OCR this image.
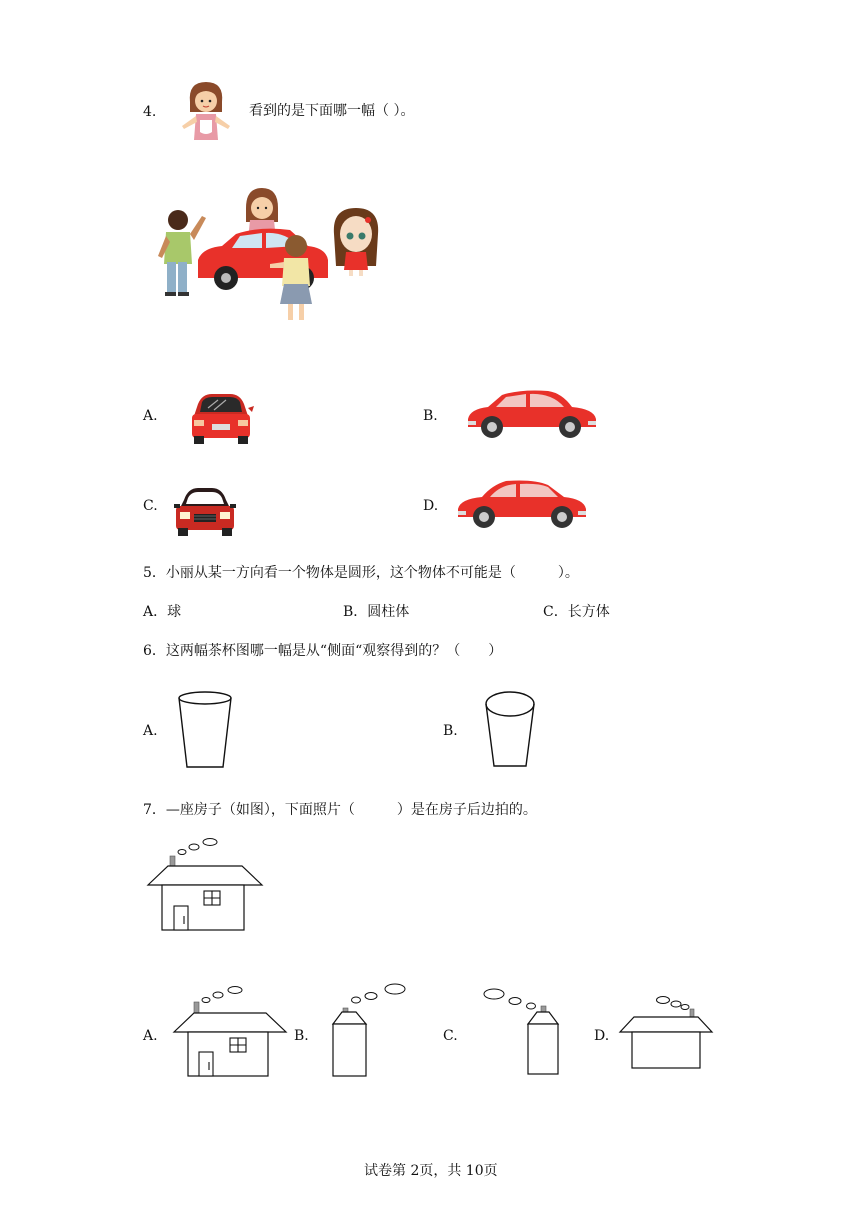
4.	看到的是下面哪一幅（ ）。
A.	B.
C.	D.
5．小丽从某一方向看一个物体是圆形，这个物体不可能是（　　　）。
A．球	B．圆柱体	C．长方体
6．这两幅茶杯图哪一幅是从“侧面“观察得到的？（　　）
A.	B.
7．—座房子（如图），下面照片（　　　）是在房子后边拍的。
A.	B.	C.	D.
试卷第 2页，共 10页
